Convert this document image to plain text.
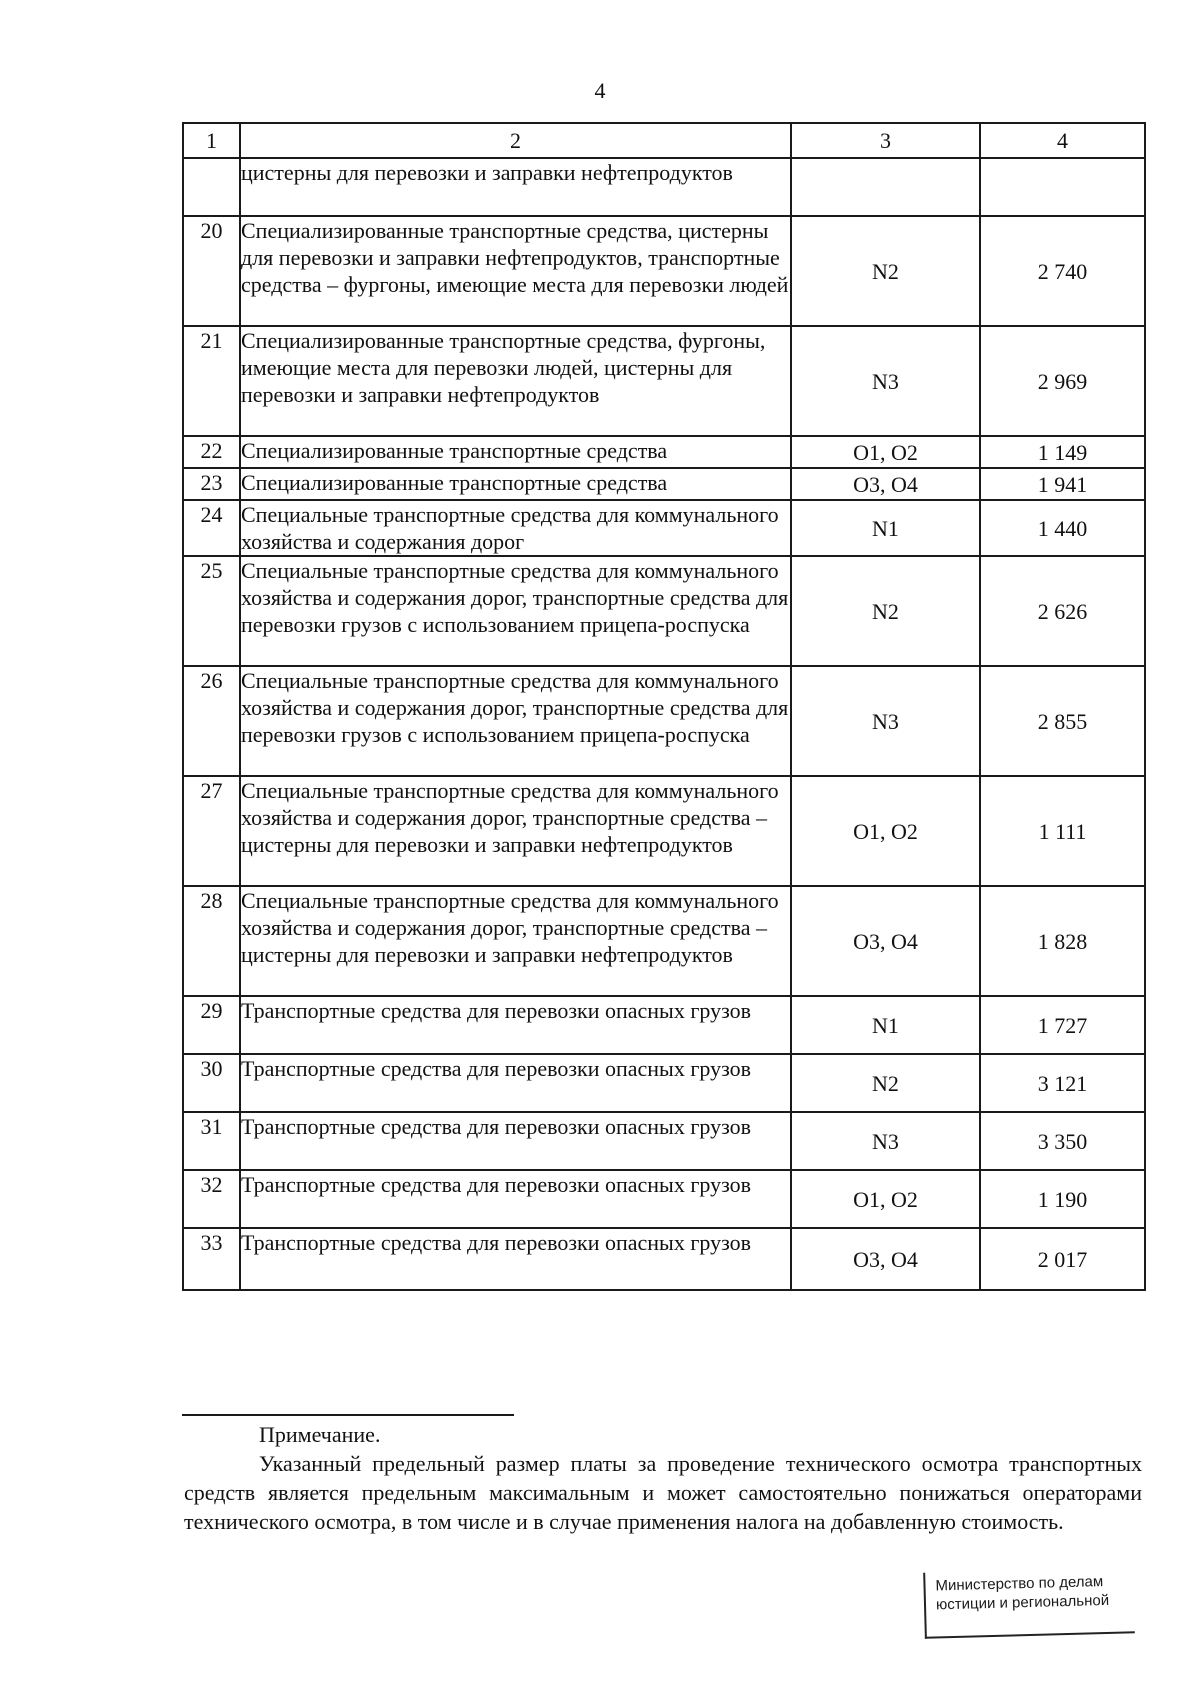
4
1	2	3	4
	цистерны для перевозки и заправки нефтепродуктов		
20	Специализированные транспортные средства, цистерны для перевозки и заправки нефтепродуктов, транспортные средства – фургоны, имеющие места для перевозки людей	N2	2 740
21	Специализированные транспортные средства, фургоны, имеющие места для перевозки людей, цистерны для перевозки и заправки нефтепродуктов	N3	2 969
22	Специализированные транспортные средства	O1, O2	1 149
23	Специализированные транспортные средства	O3, O4	1 941
24	Специальные транспортные средства для коммунального хозяйства и содержания дорог	N1	1 440
25	Специальные транспортные средства для коммунального хозяйства и содержания дорог, транспортные средства для перевозки грузов с использованием прицепа-роспуска	N2	2 626
26	Специальные транспортные средства для коммунального хозяйства и содержания дорог, транспортные средства для перевозки грузов с использованием прицепа-роспуска	N3	2 855
27	Специальные транспортные средства для коммунального хозяйства и содержания дорог, транспортные средства – цистерны для перевозки и заправки нефтепродуктов	O1, O2	1 111
28	Специальные транспортные средства для коммунального хозяйства и содержания дорог, транспортные средства – цистерны для перевозки и заправки нефтепродуктов	O3, O4	1 828
29	Транспортные средства для перевозки опасных грузов	N1	1 727
30	Транспортные средства для перевозки опасных грузов	N2	3 121
31	Транспортные средства для перевозки опасных грузов	N3	3 350
32	Транспортные средства для перевозки опасных грузов	O1, O2	1 190
33	Транспортные средства для перевозки опасных грузов	O3, O4	2 017
Примечание.

Указанный предельный размер платы за проведение технического осмотра транспортных средств является предельным максимальным и может самостоятельно понижаться операторами технического осмотра, в том числе и в случае применения налога на добавленную стоимость.

Министерство по делам
юстиции и региональной
